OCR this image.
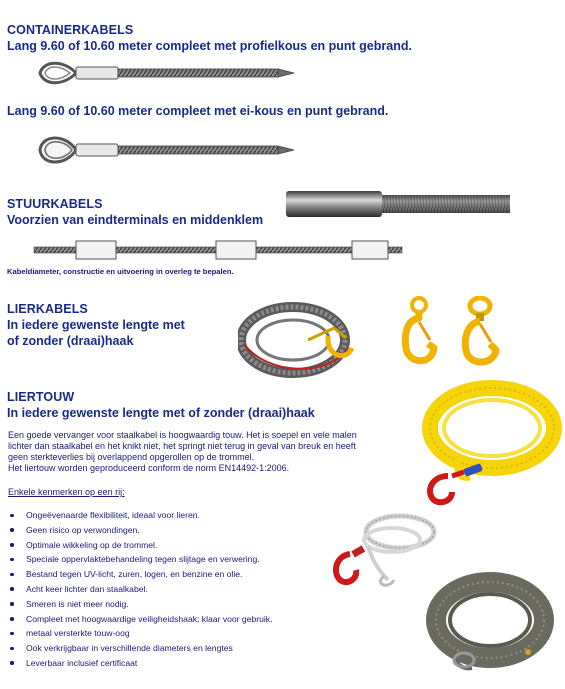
CONTAINERKABELS
Lang 9.60 of 10.60 meter compleet met profielkous en punt gebrand.
Lang 9.60 of 10.60 meter compleet met ei-kous en punt gebrand.
STUURKABELS
Voorzien van eindterminals en middenklem
Kabeldiameter, constructie en uitvoering in overleg te bepalen.
LIERKABELS
In iedere gewenste lengte met
of zonder (draai)haak
LIERTOUW
In iedere gewenste lengte met of zonder (draai)haak
Een goede vervanger voor staalkabel is hoogwaardig touw. Het is soepel en vele malen
lichter dan staalkabel en het knikt niet, het springt niet terug in geval van breuk en heeft
geen sterkteverlies bij overlappend opgerollen op de trommel.
Het liertouw worden geproduceerd conform de norm EN14492-1:2006.
Enkele kenmerken op een rij:
Ongeëvenaarde flexibiliteit, ideaal voor lieren.
Geen risico op verwondingen.
Optimale wikkeling op de trommel.
Speciale oppervlaktebehandeling tegen slijtage en verwering.
Bestand tegen UV-licht, zuren, logen, en benzine en olie.
Acht keer lichter dan staalkabel.
Smeren is niet meer nodig.
Compleet met hoogwaardige veiligheidshaak; klaar voor gebruik.
metaal versterkte touw-oog
Ook verkrijgbaar in verschillende diameters en lengtes
Leverbaar inclusief certificaat
